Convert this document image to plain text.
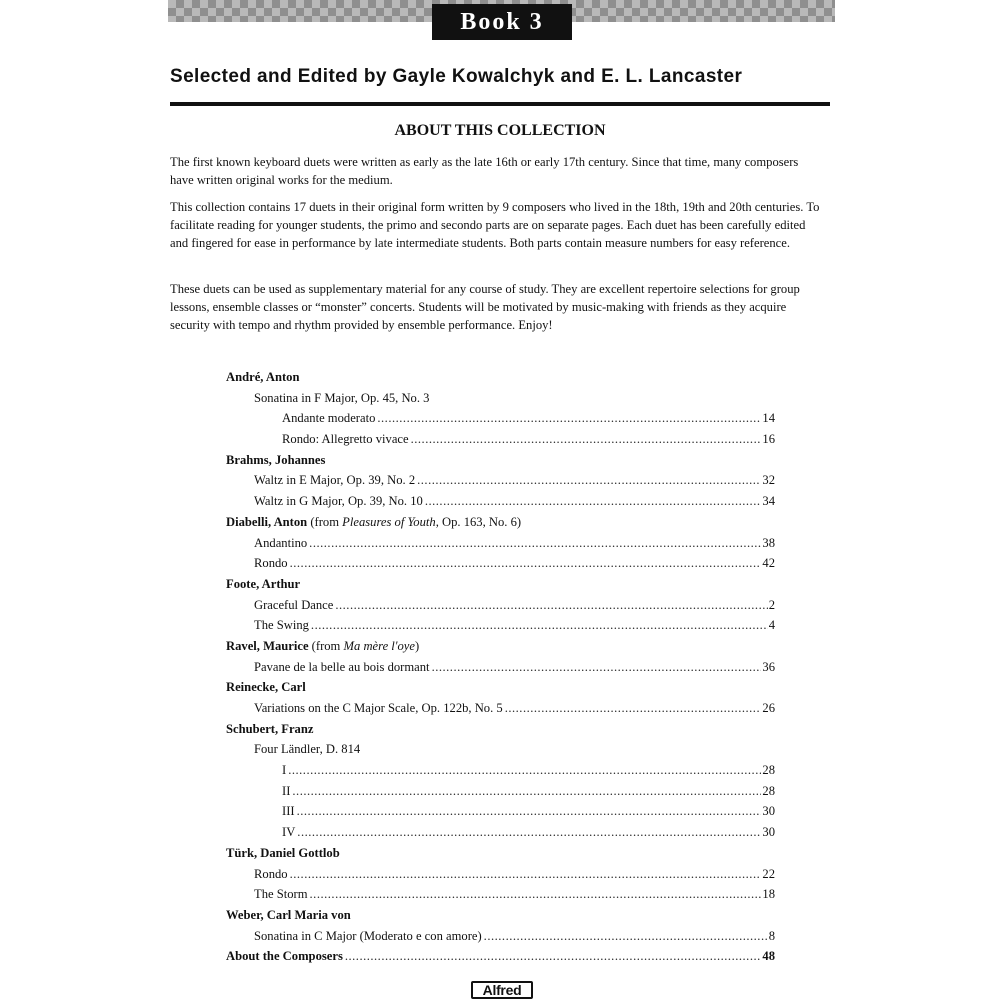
Book 3
Selected and Edited by Gayle Kowalchyk and E. L. Lancaster
ABOUT THIS COLLECTION

The first known keyboard duets were written as early as the late 16th or early 17th century. Since that time, many composers have written original works for the medium.

This collection contains 17 duets in their original form written by 9 composers who lived in the 18th, 19th and 20th centuries. To facilitate reading for younger students, the primo and secondo parts are on separate pages. Each duet has been carefully edited and fingered for ease in performance by late intermediate students. Both parts contain measure numbers for easy reference.

These duets can be used as supplementary material for any course of study. They are excellent repertoire selections for group lessons, ensemble classes or “monster” concerts. Students will be motivated by music-making with friends as they acquire security with tempo and rhythm provided by ensemble performance. Enjoy!

André, Anton
Sonatina in F Major, Op. 45, No. 3
Andante moderato .....	14
Rondo: Allegretto vivace .....	16
Brahms, Johannes
Waltz in E Major, Op. 39, No. 2 .....	32
Waltz in G Major, Op. 39, No. 10 .....	34
Diabelli, Anton (from Pleasures of Youth, Op. 163, No. 6)
Andantino .....	38
Rondo .....	42
Foote, Arthur
Graceful Dance .....	2
The Swing .....	4
Ravel, Maurice (from Ma mère l'oye)
Pavane de la belle au bois dormant .....	36
Reinecke, Carl
Variations on the C Major Scale, Op. 122b, No. 5 .....	26
Schubert, Franz
Four Ländler, D. 814
I .....	28
II .....	28
III .....	30
IV .....	30
Türk, Daniel Gottlob
Rondo .....	22
The Storm .....	18
Weber, Carl Maria von
Sonatina in C Major (Moderato e con amore) .....	8
About the Composers .....	48
Alfred
